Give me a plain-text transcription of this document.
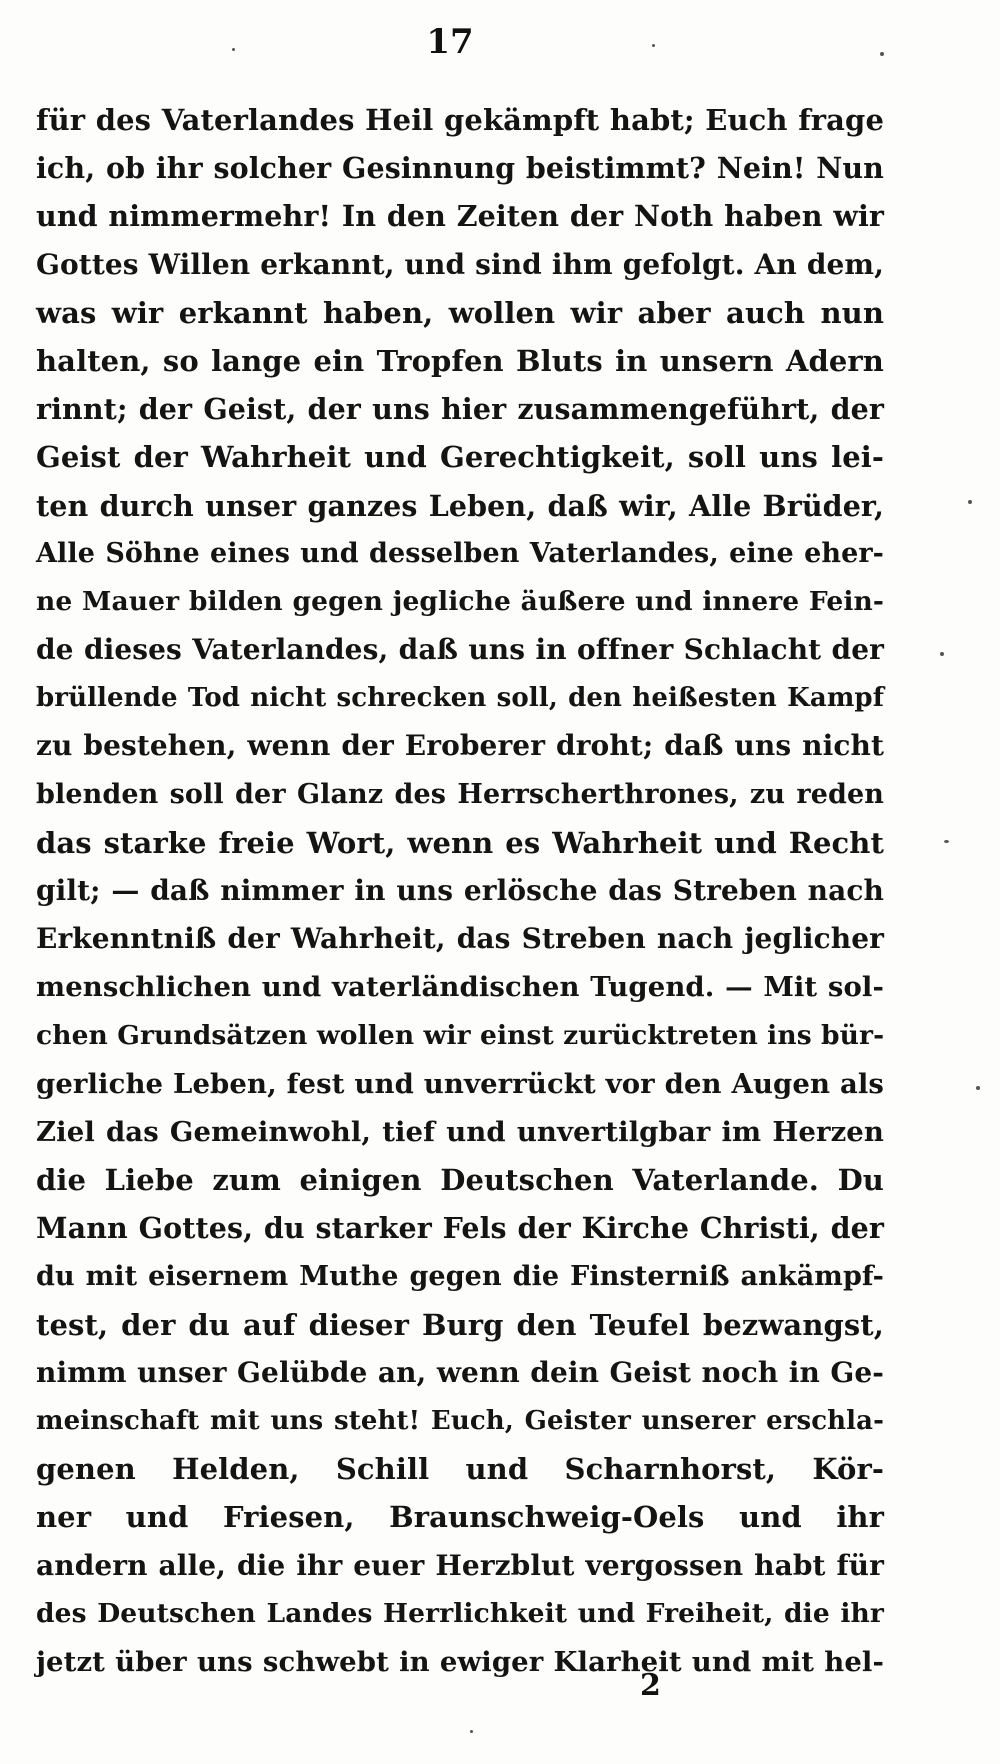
17
für des Vaterlandes Heil gekämpft habt; Euch frage
ich, ob ihr solcher Gesinnung beistimmt? Nein! Nun
und nimmermehr! In den Zeiten der Noth haben wir
Gottes Willen erkannt, und sind ihm gefolgt. An dem,
was wir erkannt haben, wollen wir aber auch nun
halten, so lange ein Tropfen Bluts in unsern Adern
rinnt; der Geist, der uns hier zusammengeführt, der
Geist der Wahrheit und Gerechtigkeit, soll uns lei-
ten durch unser ganzes Leben, daß wir, Alle Brüder,
Alle Söhne eines und desselben Vaterlandes, eine eher-
ne Mauer bilden gegen jegliche äußere und innere Fein-
de dieses Vaterlandes, daß uns in offner Schlacht der
brüllende Tod nicht schrecken soll, den heißesten Kampf
zu bestehen, wenn der Eroberer droht; daß uns nicht
blenden soll der Glanz des Herrscherthrones, zu reden
das starke freie Wort, wenn es Wahrheit und Recht
gilt; — daß nimmer in uns erlösche das Streben nach
Erkenntniß der Wahrheit, das Streben nach jeglicher
menschlichen und vaterländischen Tugend. — Mit sol-
chen Grundsätzen wollen wir einst zurücktreten ins bür-
gerliche Leben, fest und unverrückt vor den Augen als
Ziel das Gemeinwohl, tief und unvertilgbar im Herzen
die Liebe zum einigen Deutschen Vaterlande. Du
Mann Gottes, du starker Fels der Kirche Christi, der
du mit eisernem Muthe gegen die Finsterniß ankämpf-
test, der du auf dieser Burg den Teufel bezwangst,
nimm unser Gelübde an, wenn dein Geist noch in Ge-
meinschaft mit uns steht! Euch, Geister unserer erschla-
genen Helden, Schill und Scharnhorst, Kör-
ner und Friesen, Braunschweig-Oels und ihr
andern alle, die ihr euer Herzblut vergossen habt für
des Deutschen Landes Herrlichkeit und Freiheit, die ihr
jetzt über uns schwebt in ewiger Klarheit und mit hel-
2
